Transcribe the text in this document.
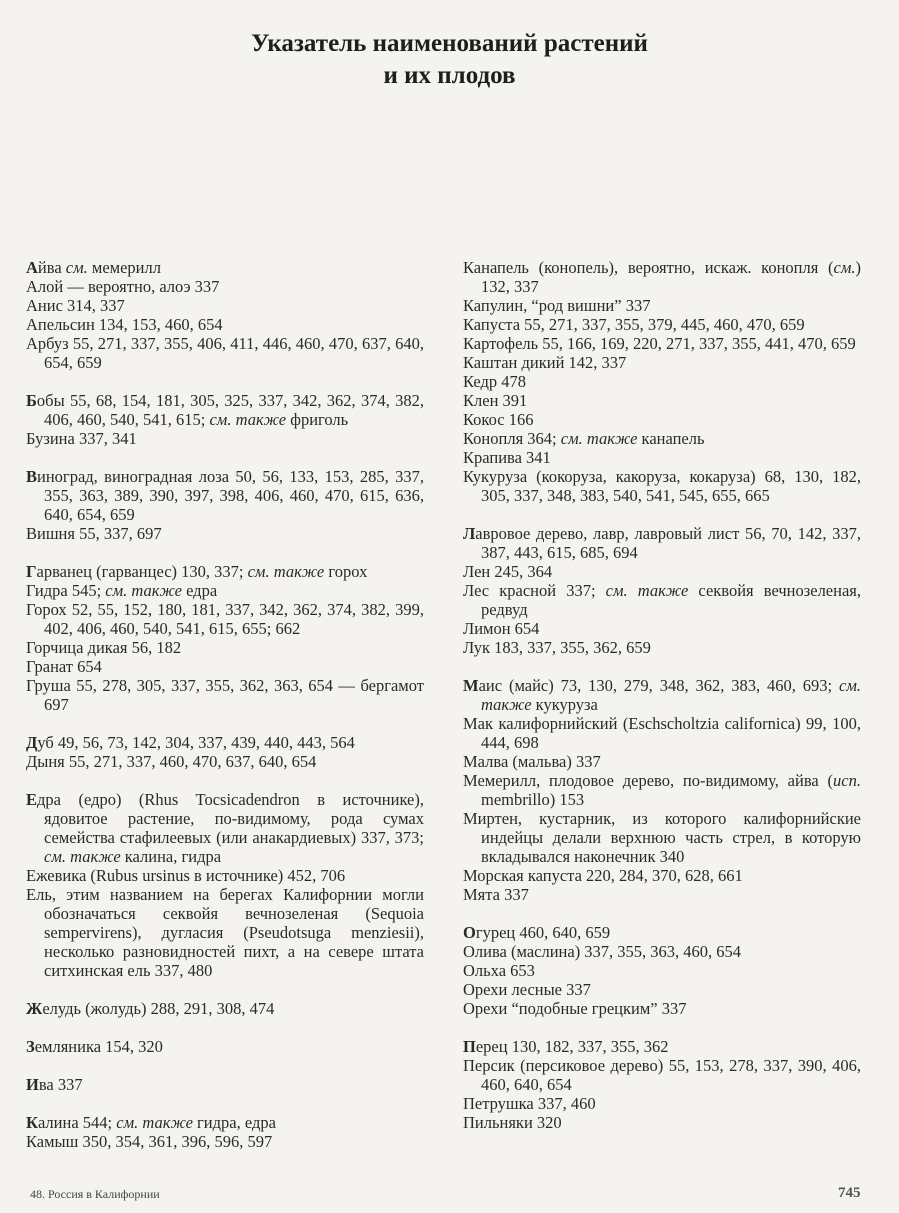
Указатель наименований растений
и их плодов

Айва см. мемерилл

Алой — вероятно, алоэ 337

Анис 314, 337

Апельсин 134, 153, 460, 654

Арбуз 55, 271, 337, 355, 406, 411, 446, 460, 470, 637, 640, 654, 659

Бобы 55, 68, 154, 181, 305, 325, 337, 342, 362, 374, 382, 406, 460, 540, 541, 615; см. также фриголь

Бузина 337, 341

Виноград, виноградная лоза 50, 56, 133, 153, 285, 337, 355, 363, 389, 390, 397, 398, 406, 460, 470, 615, 636, 640, 654, 659

Вишня 55, 337, 697

Гарванец (гарванцес) 130, 337; см. также горох

Гидра 545; см. также едра

Горох 52, 55, 152, 180, 181, 337, 342, 362, 374, 382, 399, 402, 406, 460, 540, 541, 615, 655; 662

Горчица дикая 56, 182

Гранат 654

Груша 55, 278, 305, 337, 355, 362, 363, 654 — бергамот 697

Дуб 49, 56, 73, 142, 304, 337, 439, 440, 443, 564

Дыня 55, 271, 337, 460, 470, 637, 640, 654

Едра (едро) (Rhus Tocsicadendron в источнике), ядовитое растение, по-видимому, рода сумах семейства стафилеевых (или анакардиевых) 337, 373; см. также калина, гидра

Ежевика (Rubus ursinus в источнике) 452, 706

Ель, этим названием на берегах Калифорнии могли обозначаться секвойя вечнозеленая (Sequoia sempervirens), дугласия (Pseudotsuga menziesii), несколько разновидностей пихт, а на севере штата ситхинская ель 337, 480

Желудь (жолудь) 288, 291, 308, 474

Земляника 154, 320

Ива 337

Калина 544; см. также гидра, едра

Камыш 350, 354, 361, 396, 596, 597

Канапель (конопель), вероятно, искаж. конопля (см.) 132, 337

Капулин, “род вишни” 337

Капуста 55, 271, 337, 355, 379, 445, 460, 470, 659

Картофель 55, 166, 169, 220, 271, 337, 355, 441, 470, 659

Каштан дикий 142, 337

Кедр 478

Клен 391

Кокос 166

Конопля 364; см. также канапель

Крапива 341

Кукуруза (кокоруза, какоруза, кокаруза) 68, 130, 182, 305, 337, 348, 383, 540, 541, 545, 655, 665

Лавровое дерево, лавр, лавровый лист 56, 70, 142, 337, 387, 443, 615, 685, 694

Лен 245, 364

Лес красной 337; см. также секвойя вечнозеленая, редвуд

Лимон 654

Лук 183, 337, 355, 362, 659

Маис (майс) 73, 130, 279, 348, 362, 383, 460, 693; см. также кукуруза

Мак калифорнийский (Eschscholtzia californica) 99, 100, 444, 698

Малва (мальва) 337

Мемерилл, плодовое дерево, по-видимому, айва (исп. membrillo) 153

Миртен, кустарник, из которого калифорнийские индейцы делали верхнюю часть стрел, в которую вкладывался наконечник 340

Морская капуста 220, 284, 370, 628, 661

Мята 337

Огурец 460, 640, 659

Олива (маслина) 337, 355, 363, 460, 654

Ольха 653

Орехи лесные 337

Орехи “подобные грецким” 337

Перец 130, 182, 337, 355, 362

Персик (персиковое дерево) 55, 153, 278, 337, 390, 406, 460, 640, 654

Петрушка 337, 460

Пильняки 320

48. Россия в Калифорнии	745
